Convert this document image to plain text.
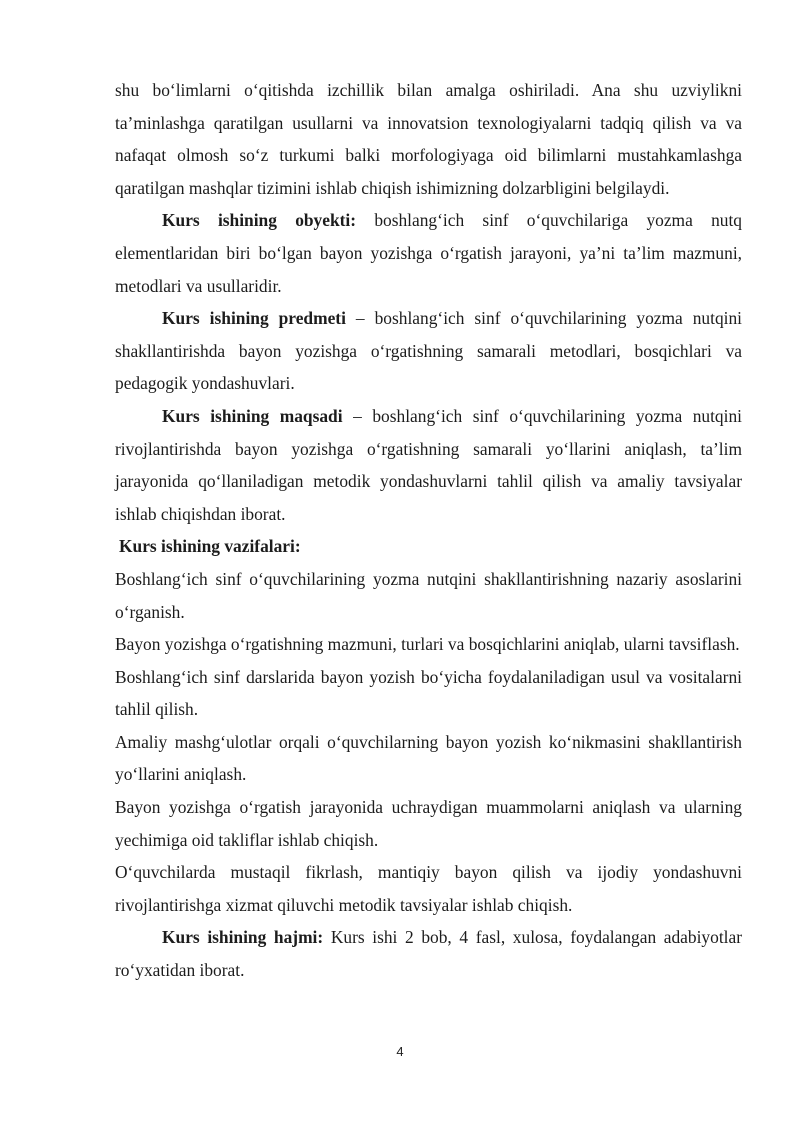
shu bo‘limlarni o‘qitishda izchillik bilan amalga oshiriladi. Ana shu uzviylikni ta’minlashga qaratilgan usullarni va innovatsion texnologiyalarni tadqiq qilish va va nafaqat olmosh so‘z turkumi balki morfologiyaga oid bilimlarni mustahkamlashga qaratilgan mashqlar tizimini ishlab chiqish ishimizning dolzarbligini belgilaydi.

Kurs ishining obyekti: boshlang‘ich sinf o‘quvchilariga yozma nutq elementlaridan biri bo‘lgan bayon yozishga o‘rgatish jarayoni, ya’ni ta’lim mazmuni, metodlari va usullaridir.

Kurs ishining predmeti – boshlang‘ich sinf o‘quvchilarining yozma nutqini shakllantirishda bayon yozishga o‘rgatishning samarali metodlari, bosqichlari va pedagogik yondashuvlari.

Kurs ishining maqsadi – boshlang‘ich sinf o‘quvchilarining yozma nutqini rivojlantirishda bayon yozishga o‘rgatishning samarali yo‘llarini aniqlash, ta’lim jarayonida qo‘llaniladigan metodik yondashuvlarni tahlil qilish va amaliy tavsiyalar ishlab chiqishdan iborat.

Kurs ishining vazifalari:

Boshlang‘ich sinf o‘quvchilarining yozma nutqini shakllantirishning nazariy asoslarini o‘rganish.

Bayon yozishga o‘rgatishning mazmuni, turlari va bosqichlarini aniqlab, ularni tavsiflash.

Boshlang‘ich sinf darslarida bayon yozish bo‘yicha foydalaniladigan usul va vositalarni tahlil qilish.

Amaliy mashg‘ulotlar orqali o‘quvchilarning bayon yozish ko‘nikmasini shakllantirish yo‘llarini aniqlash.

Bayon yozishga o‘rgatish jarayonida uchraydigan muammolarni aniqlash va ularning yechimiga oid takliflar ishlab chiqish.

O‘quvchilarda mustaqil fikrlash, mantiqiy bayon qilish va ijodiy yondashuvni rivojlantirishga xizmat qiluvchi metodik tavsiyalar ishlab chiqish.

Kurs ishining hajmi: Kurs ishi 2 bob, 4 fasl, xulosa, foydalangan adabiyotlar ro‘yxatidan iborat.

4
